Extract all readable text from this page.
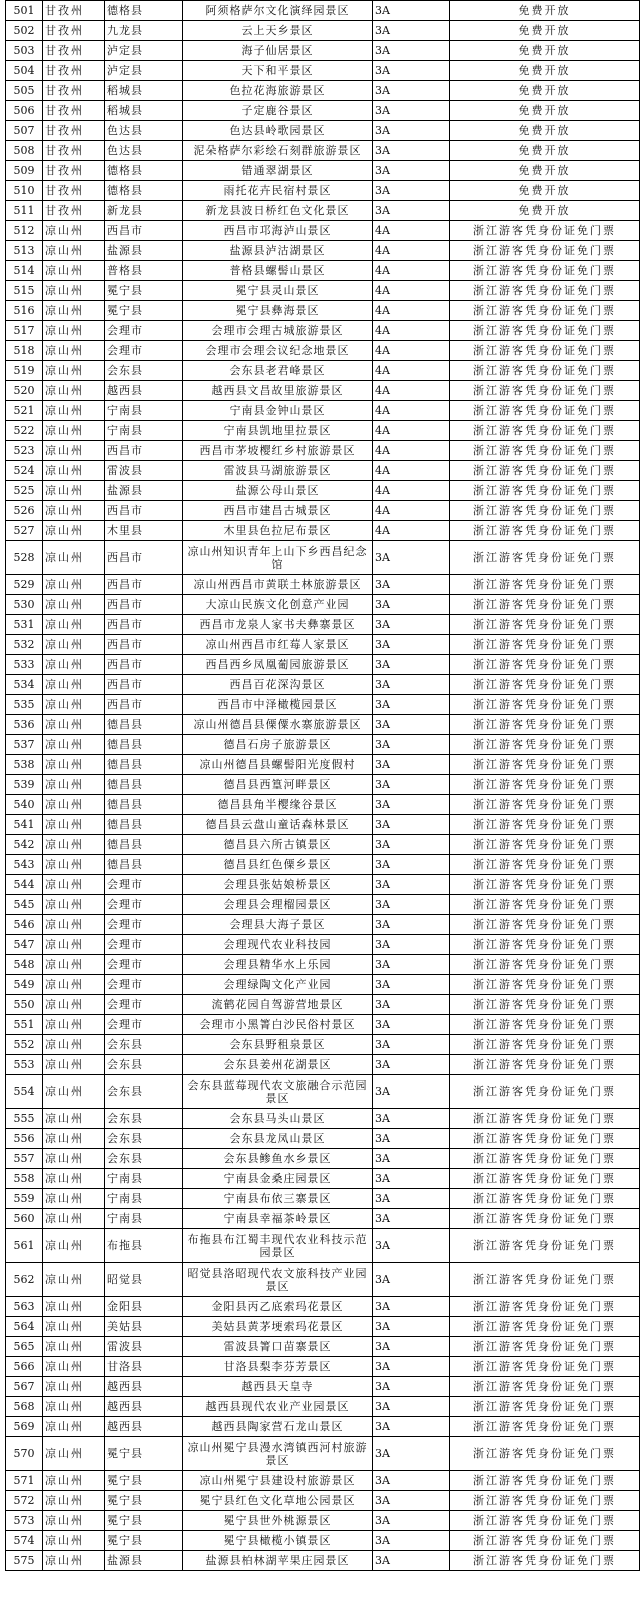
501	甘孜州	德格县	阿须格萨尔文化演绎园景区	3A	免费开放
502	甘孜州	九龙县	云上天乡景区	3A	免费开放
503	甘孜州	泸定县	海子仙居景区	3A	免费开放
504	甘孜州	泸定县	天下和平景区	3A	免费开放
505	甘孜州	稻城县	色拉花海旅游景区	3A	免费开放
506	甘孜州	稻城县	子定鹿谷景区	3A	免费开放
507	甘孜州	色达县	色达县岭歌园景区	3A	免费开放
508	甘孜州	色达县	泥朵格萨尔彩绘石刻群旅游景区	3A	免费开放
509	甘孜州	德格县	错通翠湖景区	3A	免费开放
510	甘孜州	德格县	雨托花卉民宿村景区	3A	免费开放
511	甘孜州	新龙县	新龙县波日桥红色文化景区	3A	免费开放
512	凉山州	西昌市	西昌市邛海泸山景区	4A	浙江游客凭身份证免门票
513	凉山州	盐源县	盐源县泸沽湖景区	4A	浙江游客凭身份证免门票
514	凉山州	普格县	普格县螺髻山景区	4A	浙江游客凭身份证免门票
515	凉山州	冕宁县	冕宁县灵山景区	4A	浙江游客凭身份证免门票
516	凉山州	冕宁县	冕宁县彝海景区	4A	浙江游客凭身份证免门票
517	凉山州	会理市	会理市会理古城旅游景区	4A	浙江游客凭身份证免门票
518	凉山州	会理市	会理市会理会议纪念地景区	4A	浙江游客凭身份证免门票
519	凉山州	会东县	会东县老君峰景区	4A	浙江游客凭身份证免门票
520	凉山州	越西县	越西县文昌故里旅游景区	4A	浙江游客凭身份证免门票
521	凉山州	宁南县	宁南县金钟山景区	4A	浙江游客凭身份证免门票
522	凉山州	宁南县	宁南县凯地里拉景区	4A	浙江游客凭身份证免门票
523	凉山州	西昌市	西昌市茅坡樱红乡村旅游景区	4A	浙江游客凭身份证免门票
524	凉山州	雷波县	雷波县马湖旅游景区	4A	浙江游客凭身份证免门票
525	凉山州	盐源县	盐源公母山景区	4A	浙江游客凭身份证免门票
526	凉山州	西昌市	西昌市建昌古城景区	4A	浙江游客凭身份证免门票
527	凉山州	木里县	木里县色拉尼布景区	4A	浙江游客凭身份证免门票
528	凉山州	西昌市	凉山州知识青年上山下乡西昌纪念馆	3A	浙江游客凭身份证免门票
529	凉山州	西昌市	凉山州西昌市黄联土林旅游景区	3A	浙江游客凭身份证免门票
530	凉山州	西昌市	大凉山民族文化创意产业园	3A	浙江游客凭身份证免门票
531	凉山州	西昌市	西昌市龙泉人家书夫彝寨景区	3A	浙江游客凭身份证免门票
532	凉山州	西昌市	凉山州西昌市红莓人家景区	3A	浙江游客凭身份证免门票
533	凉山州	西昌市	西昌西乡凤凰葡园旅游景区	3A	浙江游客凭身份证免门票
534	凉山州	西昌市	西昌百花深沟景区	3A	浙江游客凭身份证免门票
535	凉山州	西昌市	西昌市中泽橄榄园景区	3A	浙江游客凭身份证免门票
536	凉山州	德昌县	凉山州德昌县傈僳水寨旅游景区	3A	浙江游客凭身份证免门票
537	凉山州	德昌县	德昌石房子旅游景区	3A	浙江游客凭身份证免门票
538	凉山州	德昌县	凉山州德昌县螺髻阳光度假村	3A	浙江游客凭身份证免门票
539	凉山州	德昌县	德昌县西篁河畔景区	3A	浙江游客凭身份证免门票
540	凉山州	德昌县	德昌县角半樱缘谷景区	3A	浙江游客凭身份证免门票
541	凉山州	德昌县	德昌县云盘山童话森林景区	3A	浙江游客凭身份证免门票
542	凉山州	德昌县	德昌县六所古镇景区	3A	浙江游客凭身份证免门票
543	凉山州	德昌县	德昌县红色傈乡景区	3A	浙江游客凭身份证免门票
544	凉山州	会理市	会理县张姑娘桥景区	3A	浙江游客凭身份证免门票
545	凉山州	会理市	会理县会理榴园景区	3A	浙江游客凭身份证免门票
546	凉山州	会理市	会理县大海子景区	3A	浙江游客凭身份证免门票
547	凉山州	会理市	会理现代农业科技园	3A	浙江游客凭身份证免门票
548	凉山州	会理市	会理县精华水上乐园	3A	浙江游客凭身份证免门票
549	凉山州	会理市	会理绿陶文化产业园	3A	浙江游客凭身份证免门票
550	凉山州	会理市	流鹤花园自驾游营地景区	3A	浙江游客凭身份证免门票
551	凉山州	会理市	会理市小黑箐白沙民俗村景区	3A	浙江游客凭身份证免门票
552	凉山州	会东县	会东县野租泉景区	3A	浙江游客凭身份证免门票
553	凉山州	会东县	会东县姜州花湖景区	3A	浙江游客凭身份证免门票
554	凉山州	会东县	会东县蓝莓现代农文旅融合示范园景区	3A	浙江游客凭身份证免门票
555	凉山州	会东县	会东县马头山景区	3A	浙江游客凭身份证免门票
556	凉山州	会东县	会东县龙凤山景区	3A	浙江游客凭身份证免门票
557	凉山州	会东县	会东县鲹鱼水乡景区	3A	浙江游客凭身份证免门票
558	凉山州	宁南县	宁南县金桑庄园景区	3A	浙江游客凭身份证免门票
559	凉山州	宁南县	宁南县布依三寨景区	3A	浙江游客凭身份证免门票
560	凉山州	宁南县	宁南县幸福茶岭景区	3A	浙江游客凭身份证免门票
561	凉山州	布拖县	布拖县布江蜀丰现代农业科技示范园景区	3A	浙江游客凭身份证免门票
562	凉山州	昭觉县	昭觉县洛昭现代农文旅科技产业园景区	3A	浙江游客凭身份证免门票
563	凉山州	金阳县	金阳县丙乙底索玛花景区	3A	浙江游客凭身份证免门票
564	凉山州	美姑县	美姑县黄茅埂索玛花景区	3A	浙江游客凭身份证免门票
565	凉山州	雷波县	雷波县箐口苗寨景区	3A	浙江游客凭身份证免门票
566	凉山州	甘洛县	甘洛县梨李芬芳景区	3A	浙江游客凭身份证免门票
567	凉山州	越西县	越西县天皇寺	3A	浙江游客凭身份证免门票
568	凉山州	越西县	越西县现代农业产业园景区	3A	浙江游客凭身份证免门票
569	凉山州	越西县	越西县陶家营石龙山景区	3A	浙江游客凭身份证免门票
570	凉山州	冕宁县	凉山州冕宁县漫水湾镇西河村旅游景区	3A	浙江游客凭身份证免门票
571	凉山州	冕宁县	凉山州冕宁县建设村旅游景区	3A	浙江游客凭身份证免门票
572	凉山州	冕宁县	冕宁县红色文化草地公园景区	3A	浙江游客凭身份证免门票
573	凉山州	冕宁县	冕宁县世外桃源景区	3A	浙江游客凭身份证免门票
574	凉山州	冕宁县	冕宁县橄榄小镇景区	3A	浙江游客凭身份证免门票
575	凉山州	盐源县	盐源县柏林湖苹果庄园景区	3A	浙江游客凭身份证免门票
